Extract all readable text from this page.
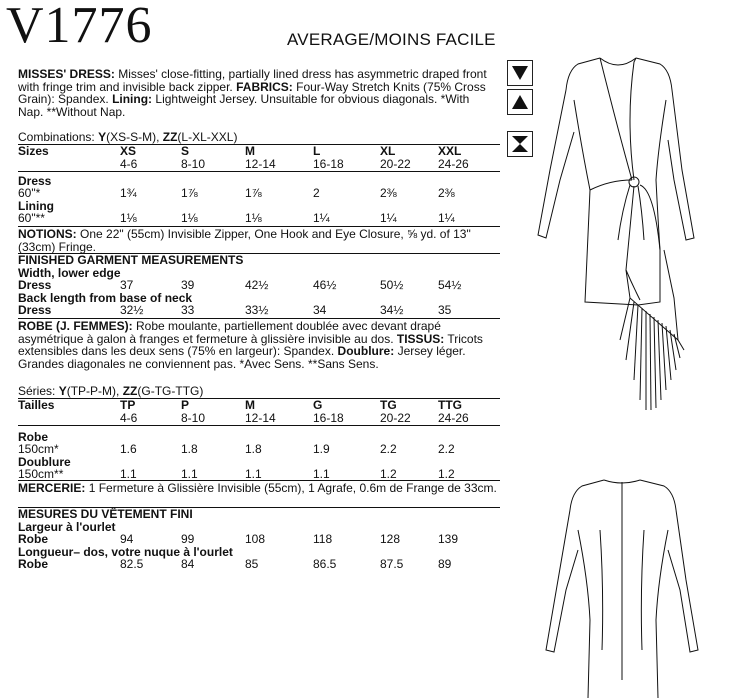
V1776	AVERAGE/MOINS FACILE
MISSES' DRESS: Misses' close-fitting, partially lined dress has asymmetric draped front with fringe trim and invisible back zipper. FABRICS: Four-Way Stretch Knits (75% Cross Grain): Spandex. Lining: Lightweight Jersey. Unsuitable for obvious diagonals. *With Nap. **Without Nap.
Combinations: Y(XS-S-M), ZZ(L-XL-XXL)
Sizes	XS	S	M	L	XL	XXL
4-6	8-10	12-14	16-18	20-22 24-26
Dress
60"*	1¾	1⅞	1⅞	2	2⅜	2⅜
Lining
60"**	1⅛	1⅛	1⅛	1¼	1¼	1¼
NOTIONS: One 22" (55cm) Invisible Zipper, One Hook and Eye Closure, ⅝ yd. of 13" (33cm) Fringe.
FINISHED GARMENT MEASUREMENTS
Width, lower edge
Dress	37	39	42½	46½	50½	54½
Back length from base of neck
Dress	32½	33	33½	34	34½	35
ROBE (J. FEMMES): Robe moulante, partiellement doublée avec devant drapé asymétrique à galon à franges et fermeture à glissière invisible au dos. TISSUS: Tricots extensibles dans les deux sens (75% en largeur): Spandex. Doublure: Jersey léger. Grandes diagonales ne conviennent pas. *Avec Sens. **Sans Sens.
Séries: Y(TP-P-M), ZZ(G-TG-TTG)
Tailles	TP	P	M	G	TG	TTG
4-6	8-10	12-14	16-18	20-22 24-26
Robe
150cm*	1.6	1.8	1.8	1.9	2.2	2.2
Doublure
150cm**	1.1	1.1	1.1	1.1	1.2	1.2
MERCERIE: 1 Fermeture à Glissière Invisible (55cm), 1 Agrafe, 0.6m de Frange de 33cm.
MESURES DU VÊTEMENT FINI
Largeur à l'ourlet
Robe	94	99	108	118	128	139
Longueur– dos, votre nuque à l'ourlet
Robe	82.5	84	85	86.5	87.5	89
